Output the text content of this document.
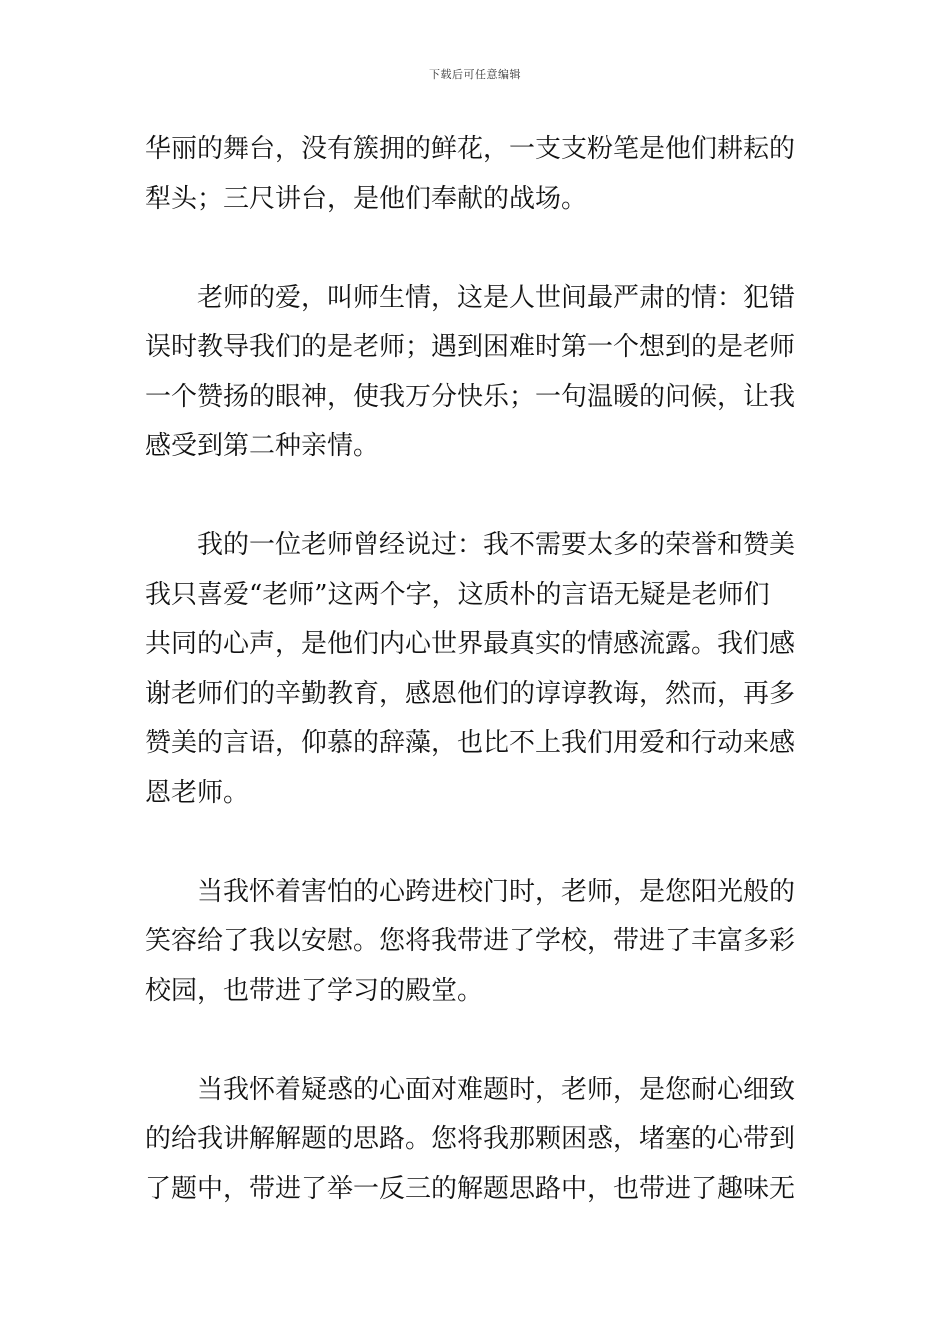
下载后可任意编辑

华丽的舞台，没有簇拥的鲜花，一支支粉笔是他们耕耘的
犁头；三尺讲台，是他们奉献的战场。

老师的爱，叫师生情，这是人世间最严肃的情：犯错
误时教导我们的是老师；遇到困难时第一个想到的是老师
一个赞扬的眼神，使我万分快乐；一句温暖的问候，让我
感受到第二种亲情。

我的一位老师曾经说过：我不需要太多的荣誉和赞美
我只喜爱“老师”这两个字，这质朴的言语无疑是老师们
共同的心声，是他们内心世界最真实的情感流露。我们感
谢老师们的辛勤教育，感恩他们的谆谆教诲，然而，再多
赞美的言语，仰慕的辞藻，也比不上我们用爱和行动来感
恩老师。

当我怀着害怕的心跨进校门时，老师，是您阳光般的
笑容给了我以安慰。您将我带进了学校，带进了丰富多彩
校园，也带进了学习的殿堂。

当我怀着疑惑的心面对难题时，老师，是您耐心细致
的给我讲解解题的思路。您将我那颗困惑，堵塞的心带到
了题中，带进了举一反三的解题思路中，也带进了趣味无
